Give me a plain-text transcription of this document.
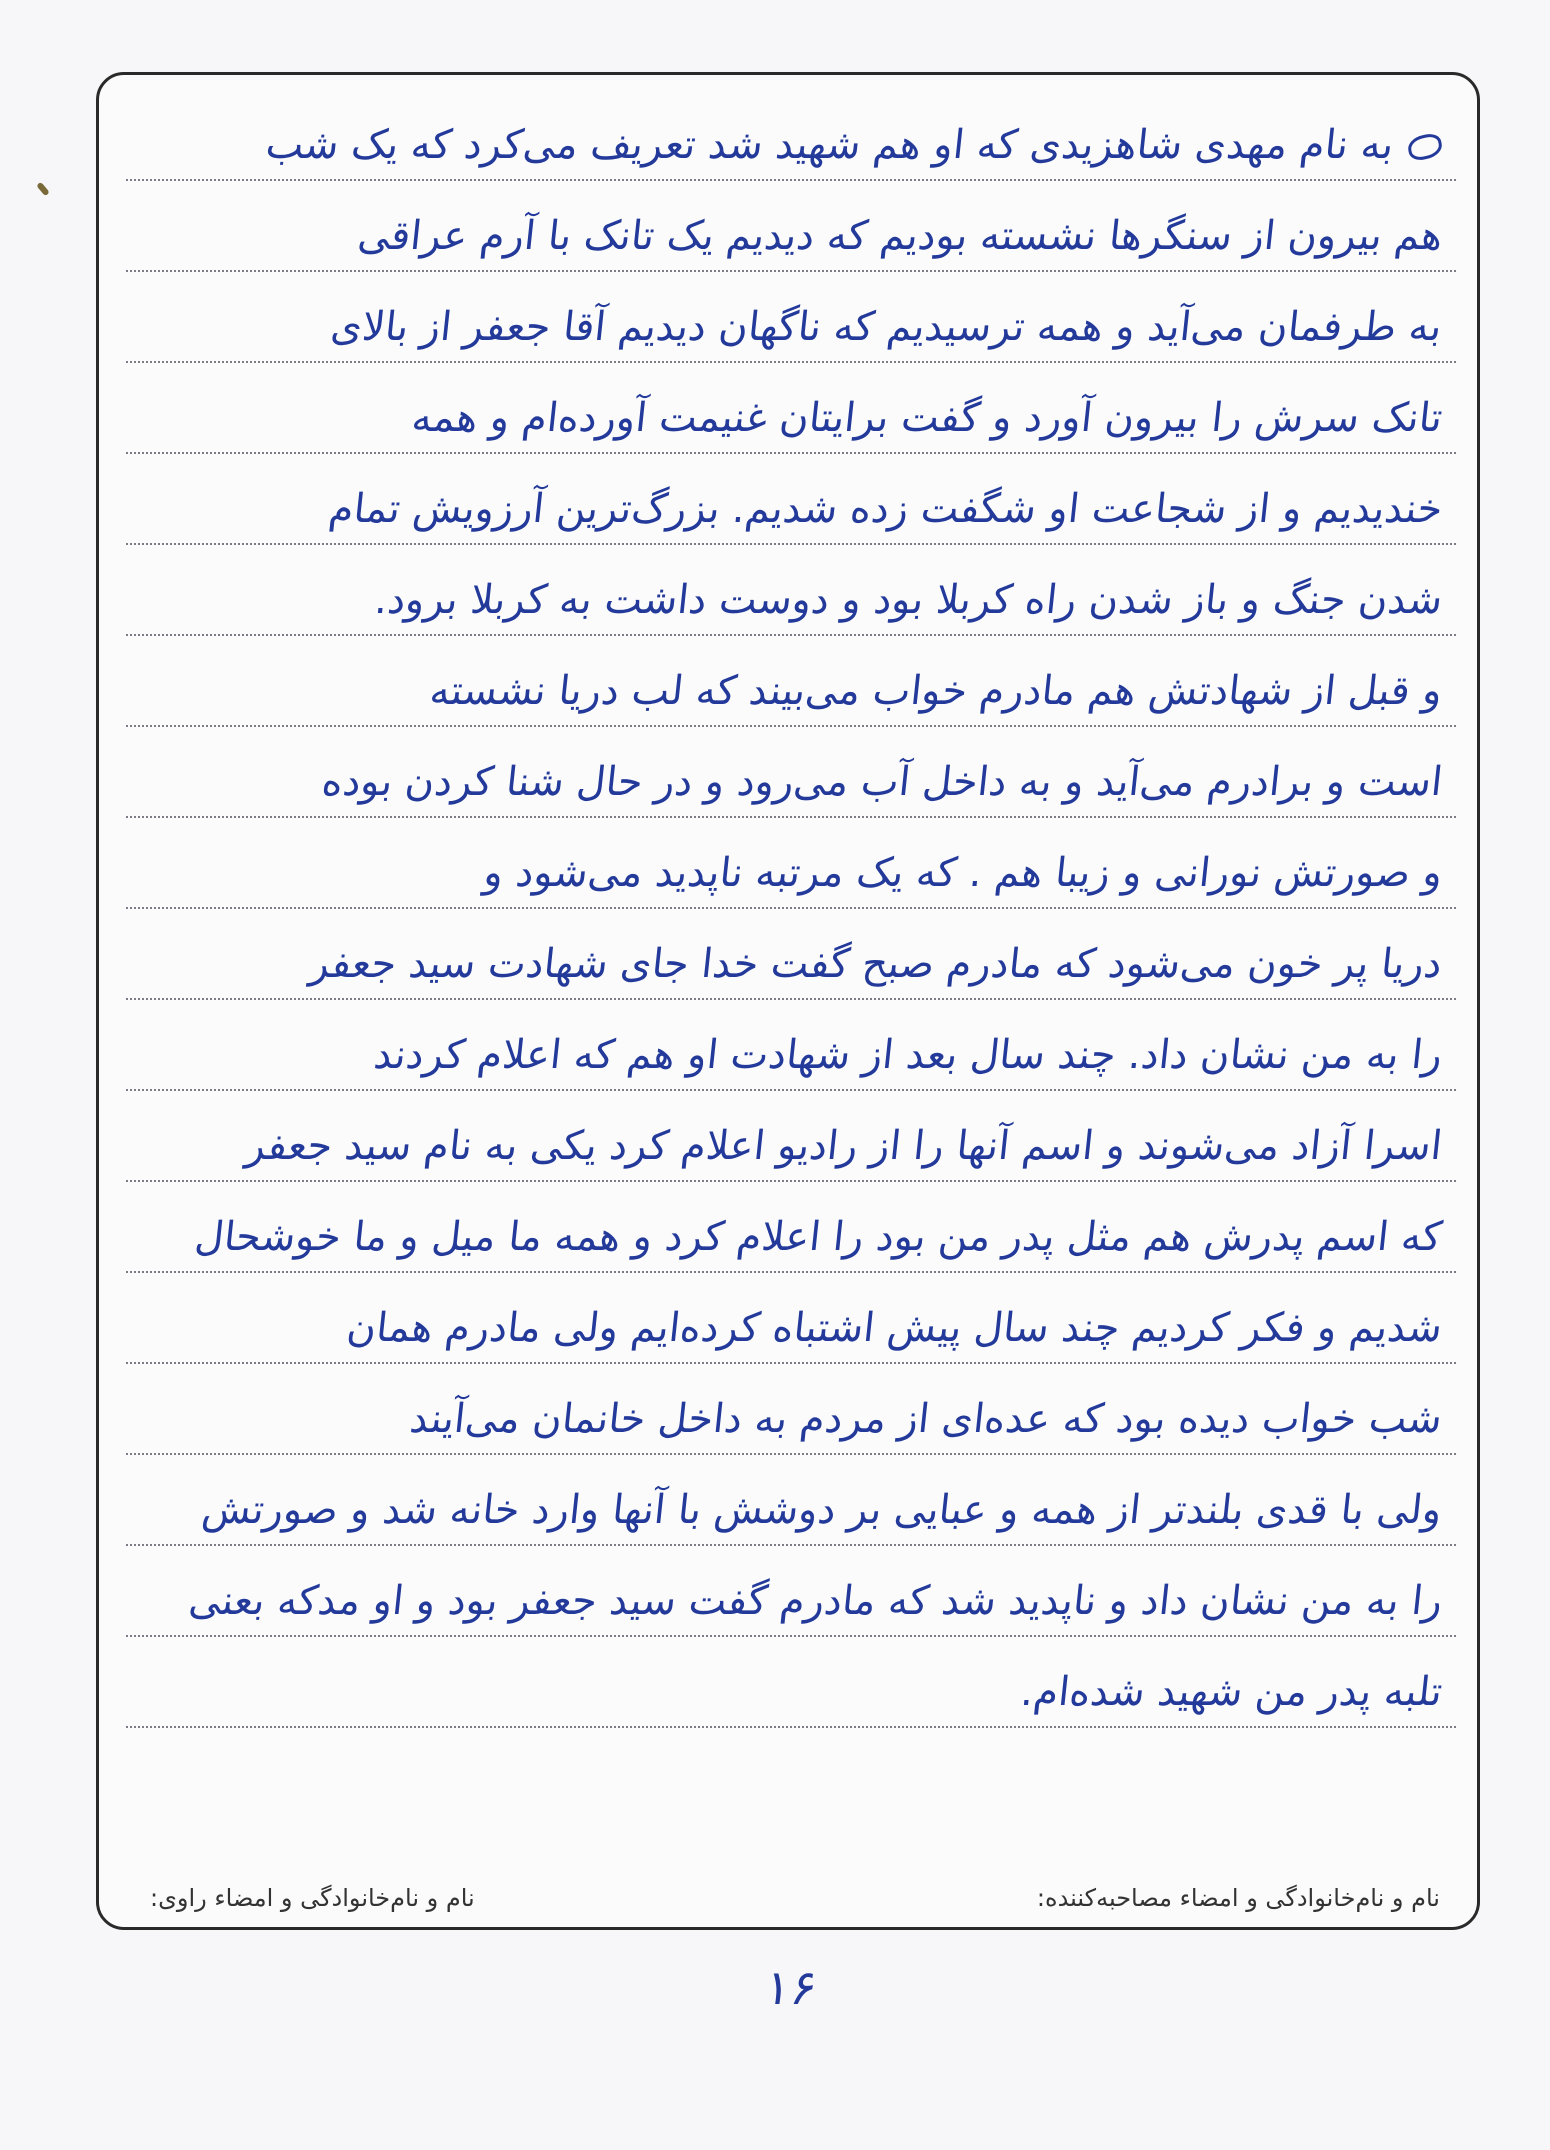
به نام مهدی شاهزیدی که او هم شهید شد تعریف می‌کرد که یک شب
هم بیرون از سنگرها نشسته بودیم که دیدیم یک تانک با آرم عراقی
به طرفمان می‌آید و همه ترسیدیم که ناگهان دیدیم آقا جعفر از بالای
تانک سرش را بیرون آورد و گفت برایتان غنیمت آورده‌ام و همه
خندیدیم و از شجاعت او شگفت زده شدیم. بزرگ‌ترین آرزویش تمام
شدن جنگ و باز شدن راه کربلا بود و دوست داشت به کربلا برود.
و قبل از شهادتش هم مادرم خواب می‌بیند که لب دریا نشسته
است و برادرم می‌آید و به داخل آب می‌رود و در حال شنا کردن بوده
و صورتش نورانی و زیبا هم . که یک مرتبه ناپدید می‌شود و
دریا پر خون می‌شود که مادرم صبح گفت خدا جای شهادت سید جعفر
را به من نشان داد. چند سال بعد از شهادت او هم که اعلام کردند
اسرا آزاد می‌شوند و اسم آنها را از رادیو اعلام کرد یکی به نام سید جعفر
که اسم پدرش هم مثل پدر من بود را اعلام کرد و همه ما میل و ما خوشحال
شدیم و فکر کردیم چند سال پیش اشتباه کرده‌ایم ولی مادرم همان
شب خواب دیده بود که عده‌ای از مردم به داخل خانمان می‌آیند
ولی با قدی بلندتر از همه و عبایی بر دوشش با آنها وارد خانه شد و صورتش
را به من نشان داد و ناپدید شد که مادرم گفت سید جعفر بود و او مدکه بعنی
تلبه پدر من شهید شده‌ام.
نام و نام‌خانوادگی و امضاء مصاحبه‌کننده:
نام و نام‌خانوادگی و امضاء راوی:
۱۶
